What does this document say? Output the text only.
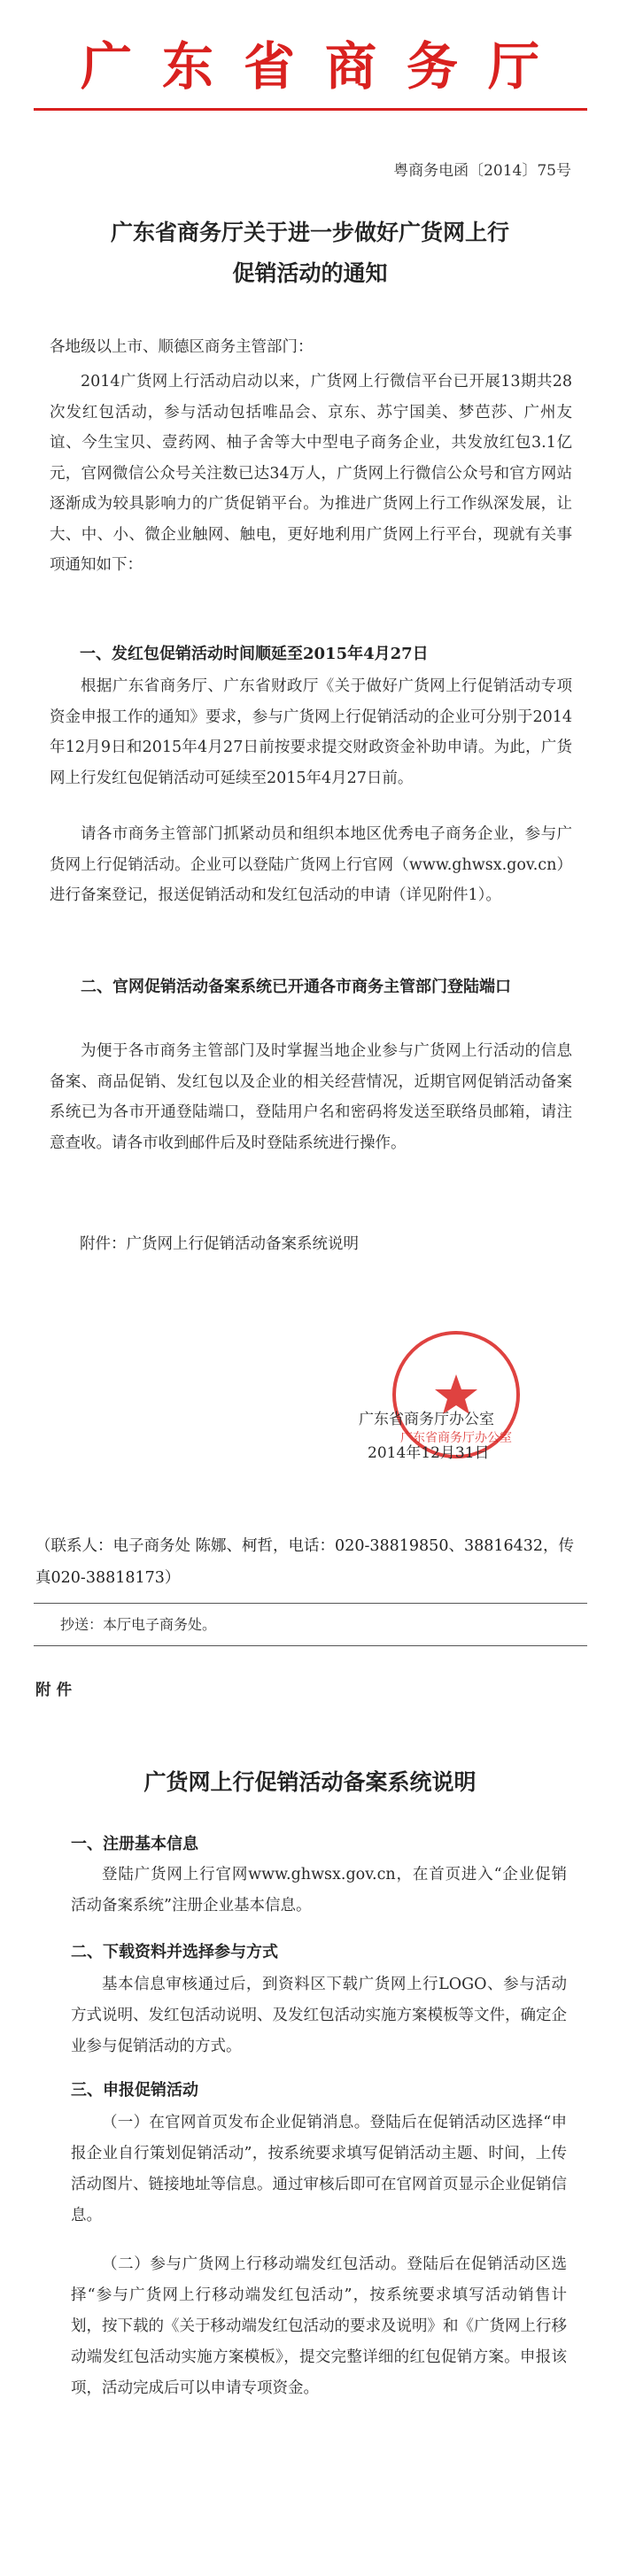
广东省商务厅
粤商务电函〔2014〕75号
广东省商务厅关于进一步做好广货网上行
促销活动的通知
各地级以上市、顺德区商务主管部门：
2014广货网上行活动启动以来，广货网上行微信平台已开展13期共28次发红包活动，参与活动包括唯品会、京东、苏宁国美、梦芭莎、广州友谊、今生宝贝、壹药网、柚子舍等大中型电子商务企业，共发放红包3.1亿元，官网微信公众号关注数已达34万人，广货网上行微信公众号和官方网站逐渐成为较具影响力的广货促销平台。为推进广货网上行工作纵深发展，让大、中、小、微企业触网、触电，更好地利用广货网上行平台，现就有关事项通知如下：
一、发红包促销活动时间顺延至2015年4月27日
根据广东省商务厅、广东省财政厅《关于做好广货网上行促销活动专项资金申报工作的通知》要求，参与广货网上行促销活动的企业可分别于2014年12月9日和2015年4月27日前按要求提交财政资金补助申请。为此，广货网上行发红包促销活动可延续至2015年4月27日前。
请各市商务主管部门抓紧动员和组织本地区优秀电子商务企业，参与广货网上行促销活动。企业可以登陆广货网上行官网（www.ghwsx.gov.cn）进行备案登记，报送促销活动和发红包活动的申请（详见附件1）。
二、官网促销活动备案系统已开通各市商务主管部门登陆端口
为便于各市商务主管部门及时掌握当地企业参与广货网上行活动的信息备案、商品促销、发红包以及企业的相关经营情况，近期官网促销活动备案系统已为各市开通登陆端口，登陆用户名和密码将发送至联络员邮箱，请注意查收。请各市收到邮件后及时登陆系统进行操作。
附件：广货网上行促销活动备案系统说明
广东省商务厅办公室
广东省商务厅办公室
2014年12月31日
（联系人：电子商务处 陈娜、柯哲，电话：020-38819850、38816432，传真020-38818173）
抄送：本厅电子商务处。
附 件
广货网上行促销活动备案系统说明
一、注册基本信息
登陆广货网上行官网www.ghwsx.gov.cn，在首页进入“企业促销活动备案系统”注册企业基本信息。
二、下载资料并选择参与方式
基本信息审核通过后，到资料区下载广货网上行LOGO、参与活动方式说明、发红包活动说明、及发红包活动实施方案模板等文件，确定企业参与促销活动的方式。
三、申报促销活动
（一）在官网首页发布企业促销消息。登陆后在促销活动区选择“申报企业自行策划促销活动”，按系统要求填写促销活动主题、时间，上传活动图片、链接地址等信息。通过审核后即可在官网首页显示企业促销信息。
（二）参与广货网上行移动端发红包活动。登陆后在促销活动区选择“参与广货网上行移动端发红包活动”，按系统要求填写活动销售计划，按下载的《关于移动端发红包活动的要求及说明》和《广货网上行移动端发红包活动实施方案模板》，提交完整详细的红包促销方案。申报该项，活动完成后可以申请专项资金。
